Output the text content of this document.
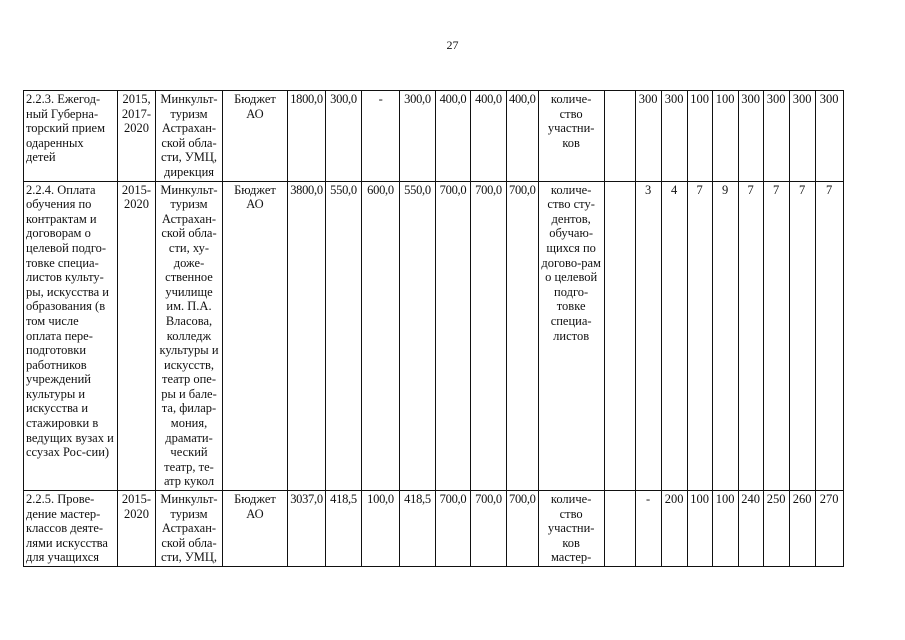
27
2.2.3. Ежегод-ный Губерна-торский прием одаренных детей	2015, 2017-2020	Минкульт-туризм Астрахан-ской обла-сти, УМЦ, дирекция	Бюджет АО	1800,0	300,0	-	300,0	400,0	400,0	400,0	количе-ство участни-ков		300	300	100	100	300	300	300	300
2.2.4. Оплата обучения по контрактам и договорам о целевой подго-товке специа-листов культу-ры, искусства и образования (в том числе оплата пере-подготовки работников учреждений культуры и искусства и стажировки в ведущих вузах и ссузах Рос-сии)	2015-2020	Минкульт-туризм Астрахан-ской обла-сти, ху-доже-ственное училище им. П.А. Власова, колледж культуры и искусств, театр опе-ры и бале-та, филар-мония, драмати-ческий театр, те-атр кукол	Бюджет АО	3800,0	550,0	600,0	550,0	700,0	700,0	700,0	количе-ство сту-дентов, обучаю-щихся по догово-рам о целевой подго-товке специа-листов		3	4	7	9	7	7	7	7
2.2.5. Прове-дение мастер-классов деяте-лями искусства для учащихся	2015-2020	Минкульт-туризм Астрахан-ской обла-сти, УМЦ,	Бюджет АО	3037,0	418,5	100,0	418,5	700,0	700,0	700,0	количе-ство участни-ков мастер-		-	200	100	100	240	250	260	270
